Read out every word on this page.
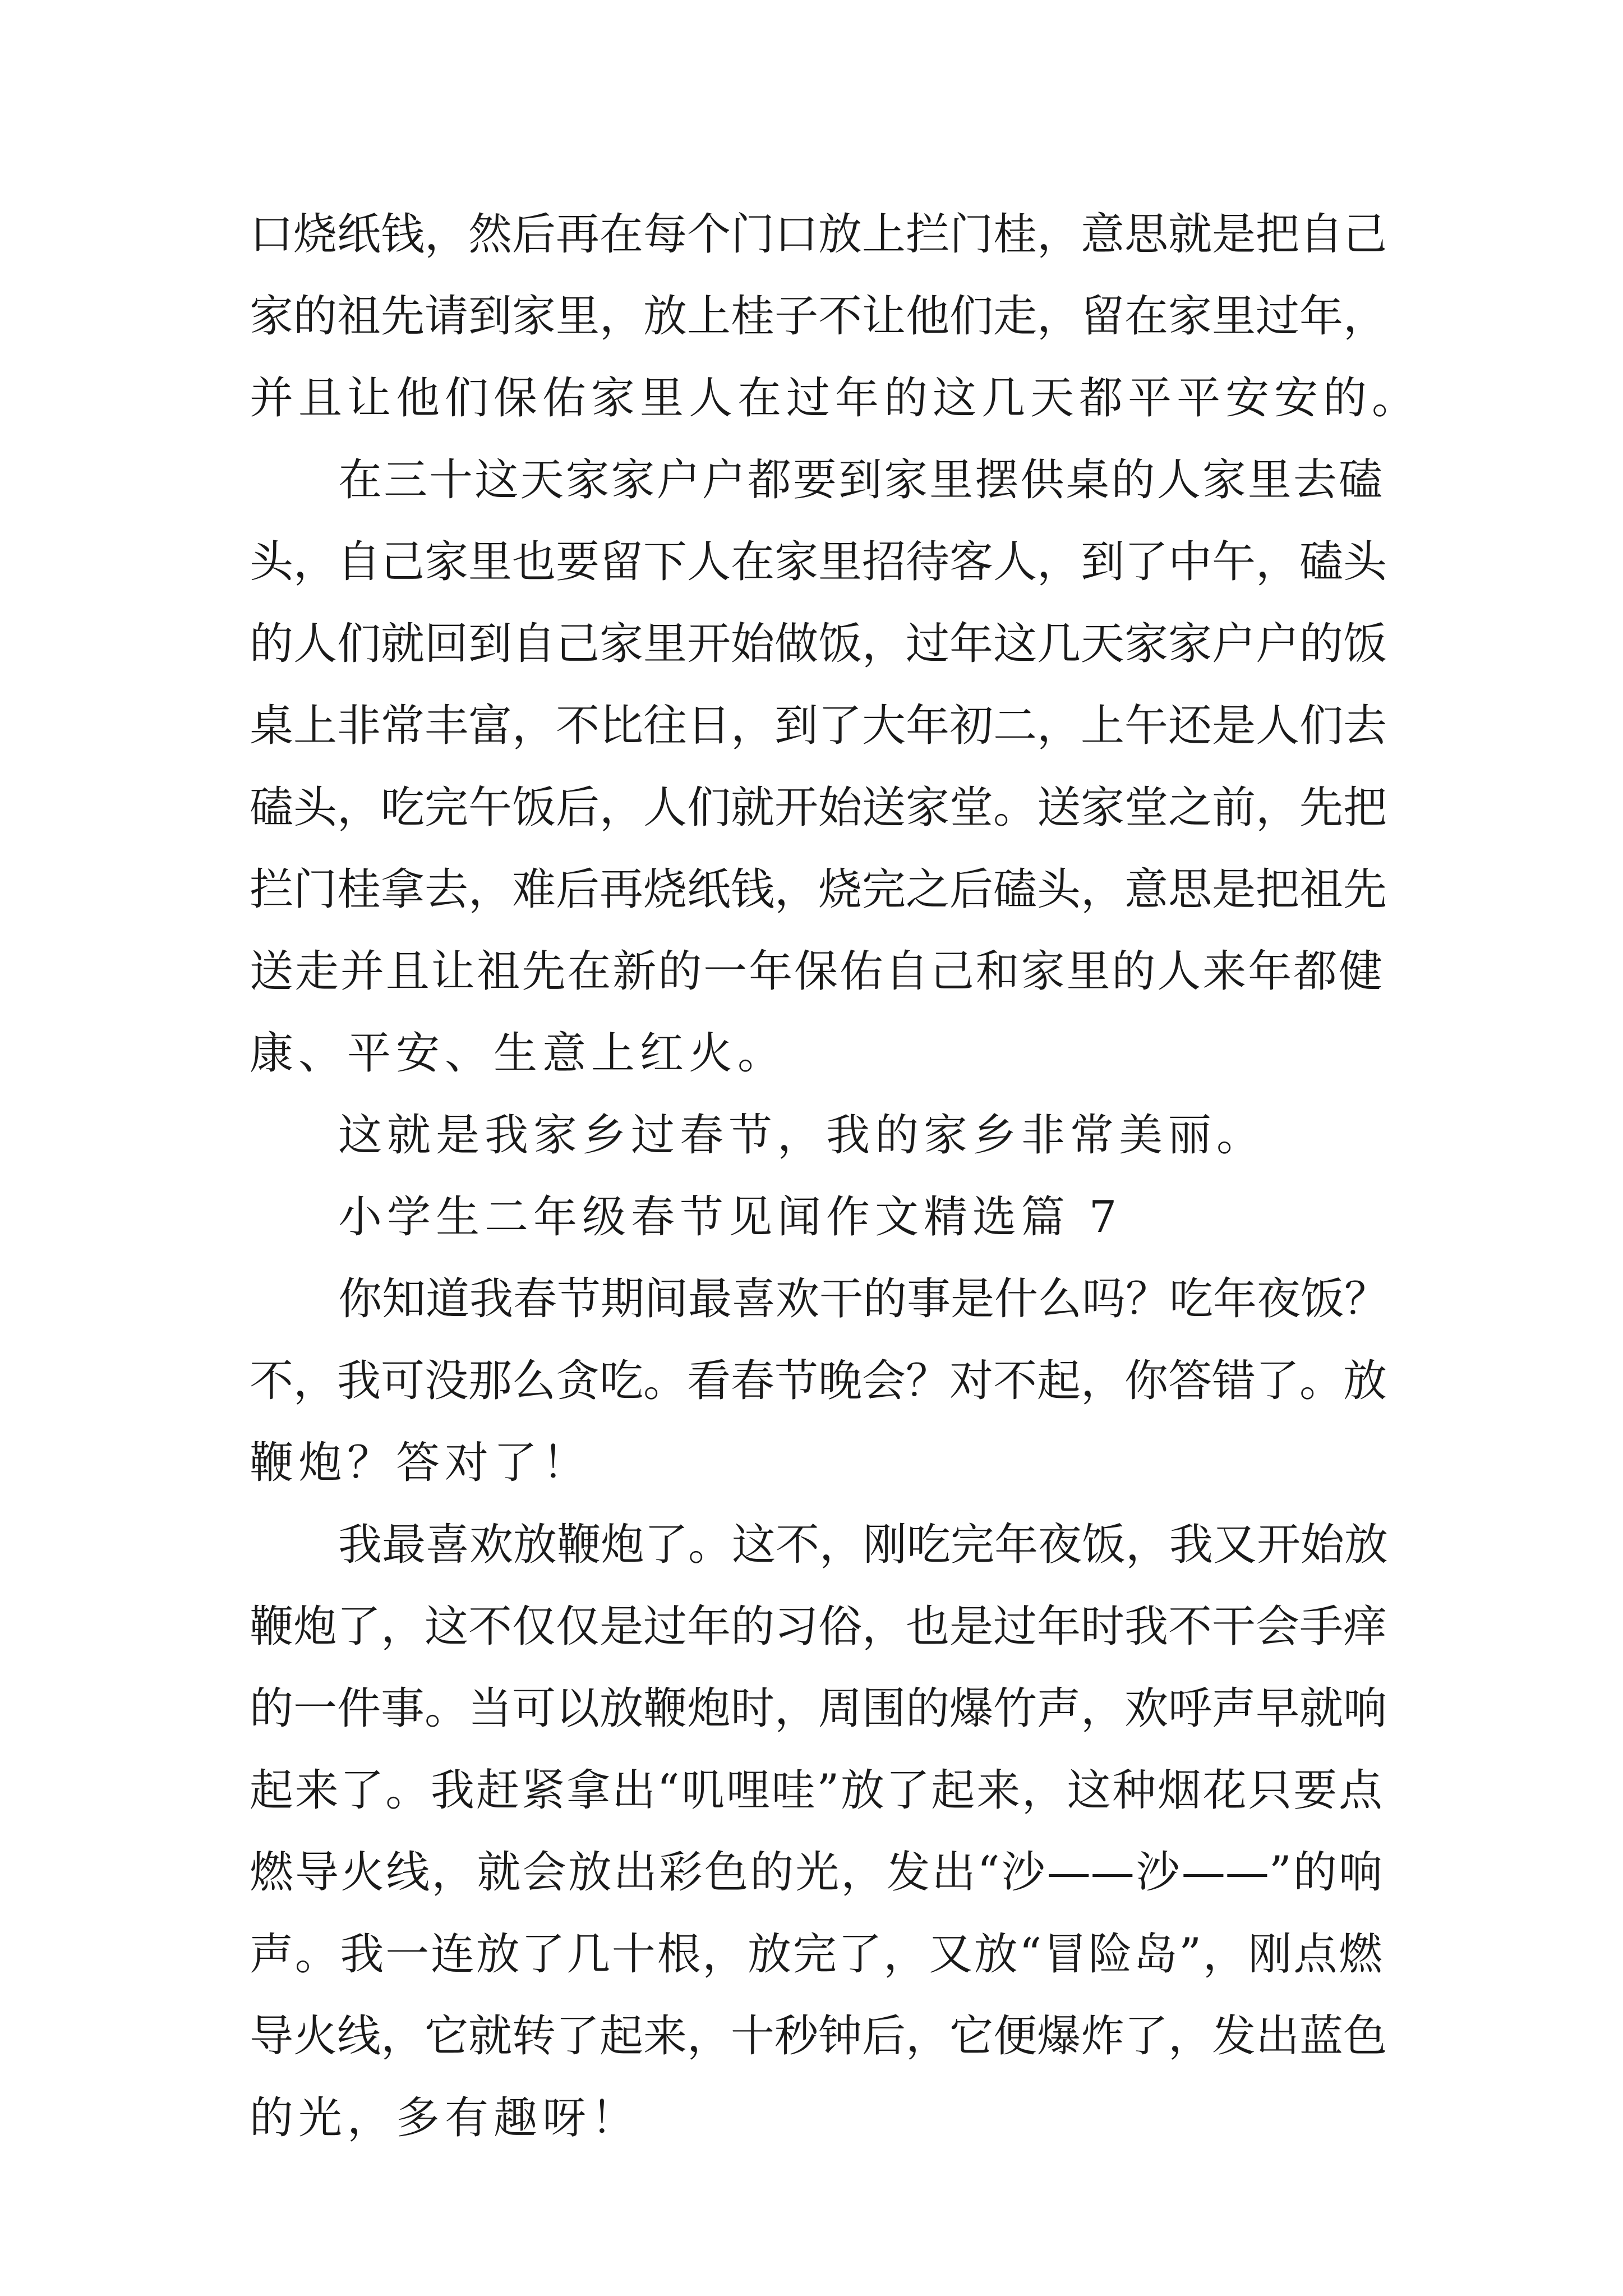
口烧纸钱，然后再在每个门口放上拦门桂，意思就是把自己
家的祖先请到家里，放上桂子不让他们走，留在家里过年，
并且让他们保佑家里人在过年的这几天都平平安安的。
在三十这天家家户户都要到家里摆供桌的人家里去磕
头，自己家里也要留下人在家里招待客人，到了中午，磕头
的人们就回到自己家里开始做饭，过年这几天家家户户的饭
桌上非常丰富，不比往日，到了大年初二，上午还是人们去
磕头，吃完午饭后，人们就开始送家堂。送家堂之前，先把
拦门桂拿去，难后再烧纸钱，烧完之后磕头，意思是把祖先
送走并且让祖先在新的一年保佑自己和家里的人来年都健
康、平安、生意上红火。
这就是我家乡过春节，我的家乡非常美丽。
小学生二年级春节见闻作文精选篇 7
你知道我春节期间最喜欢干的事是什么吗？吃年夜饭？
不，我可没那么贪吃。看春节晚会？对不起，你答错了。放
鞭炮？答对了！
我最喜欢放鞭炮了。这不，刚吃完年夜饭，我又开始放
鞭炮了，这不仅仅是过年的习俗，也是过年时我不干会手痒
的一件事。当可以放鞭炮时，周围的爆竹声，欢呼声早就响
起来了。我赶紧拿出“叽哩哇”放了起来，这种烟花只要点
燃导火线，就会放出彩色的光，发出“沙——沙——”的响
声。我一连放了几十根，放完了，又放“冒险岛”，刚点燃
导火线，它就转了起来，十秒钟后，它便爆炸了，发出蓝色
的光，多有趣呀！
